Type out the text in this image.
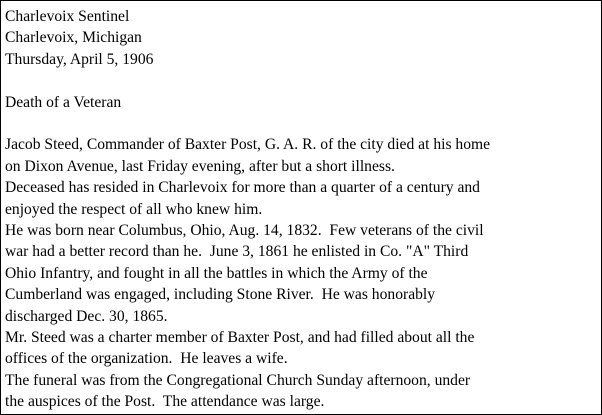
Charlevoix Sentinel
Charlevoix, Michigan
Thursday, April 5, 1906
Death of a Veteran
Jacob Steed, Commander of Baxter Post, G. A. R. of the city died at his home
on Dixon Avenue, last Friday evening, after but a short illness.
Deceased has resided in Charlevoix for more than a quarter of a century and
enjoyed the respect of all who knew him.
He was born near Columbus, Ohio, Aug. 14, 1832.  Few veterans of the civil
war had a better record than he.  June 3, 1861 he enlisted in Co. "A" Third
Ohio Infantry, and fought in all the battles in which the Army of the
Cumberland was engaged, including Stone River.  He was honorably
discharged Dec. 30, 1865.
Mr. Steed was a charter member of Baxter Post, and had filled about all the
offices of the organization.  He leaves a wife.
The funeral was from the Congregational Church Sunday afternoon, under
the auspices of the Post.  The attendance was large.
